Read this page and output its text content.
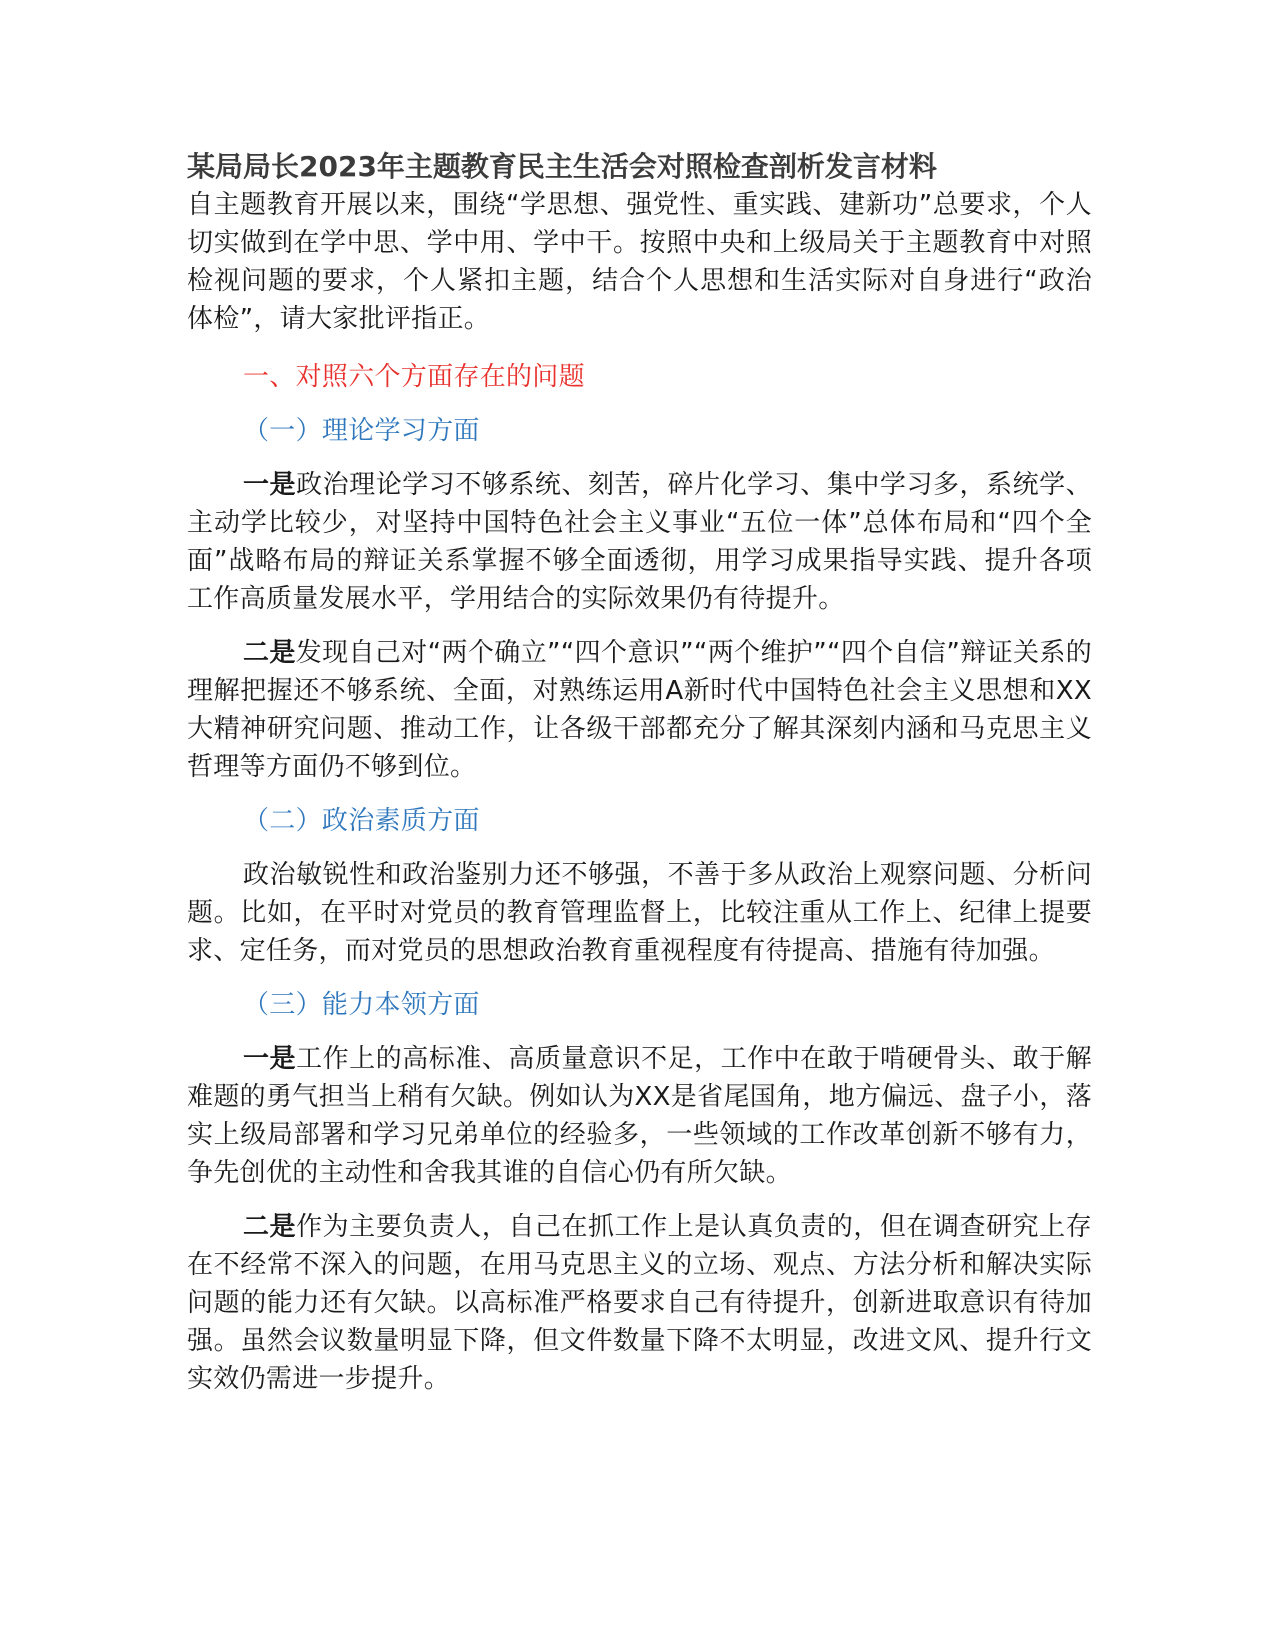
某局局长2023年主题教育民主生活会对照检查剖析发言材料

自主题教育开展以来，围绕“学思想、强党性、重实践、建新功”总要求，个人切实做到在学中思、学中用、学中干。按照中央和上级局关于主题教育中对照检视问题的要求，个人紧扣主题，结合个人思想和生活实际对自身进行“政治体检”，请大家批评指正。

一、对照六个方面存在的问题

（一）理论学习方面

一是政治理论学习不够系统、刻苦，碎片化学习、集中学习多，系统学、主动学比较少，对坚持中国特色社会主义事业“五位一体”总体布局和“四个全面”战略布局的辩证关系掌握不够全面透彻，用学习成果指导实践、提升各项工作高质量发展水平，学用结合的实际效果仍有待提升。

二是发现自己对“两个确立”“四个意识”“两个维护”“四个自信”辩证关系的理解把握还不够系统、全面，对熟练运用A新时代中国特色社会主义思想和XX大精神研究问题、推动工作，让各级干部都充分了解其深刻内涵和马克思主义哲理等方面仍不够到位。

（二）政治素质方面

政治敏锐性和政治鉴别力还不够强，不善于多从政治上观察问题、分析问题。比如，在平时对党员的教育管理监督上，比较注重从工作上、纪律上提要求、定任务，而对党员的思想政治教育重视程度有待提高、措施有待加强。

（三）能力本领方面

一是工作上的高标准、高质量意识不足，工作中在敢于啃硬骨头、敢于解难题的勇气担当上稍有欠缺。例如认为XX是省尾国角，地方偏远、盘子小，落实上级局部署和学习兄弟单位的经验多，一些领域的工作改革创新不够有力，争先创优的主动性和舍我其谁的自信心仍有所欠缺。

二是作为主要负责人，自己在抓工作上是认真负责的，但在调查研究上存在不经常不深入的问题，在用马克思主义的立场、观点、方法分析和解决实际问题的能力还有欠缺。以高标准严格要求自己有待提升，创新进取意识有待加强。虽然会议数量明显下降，但文件数量下降不太明显，改进文风、提升行文实效仍需进一步提升。
